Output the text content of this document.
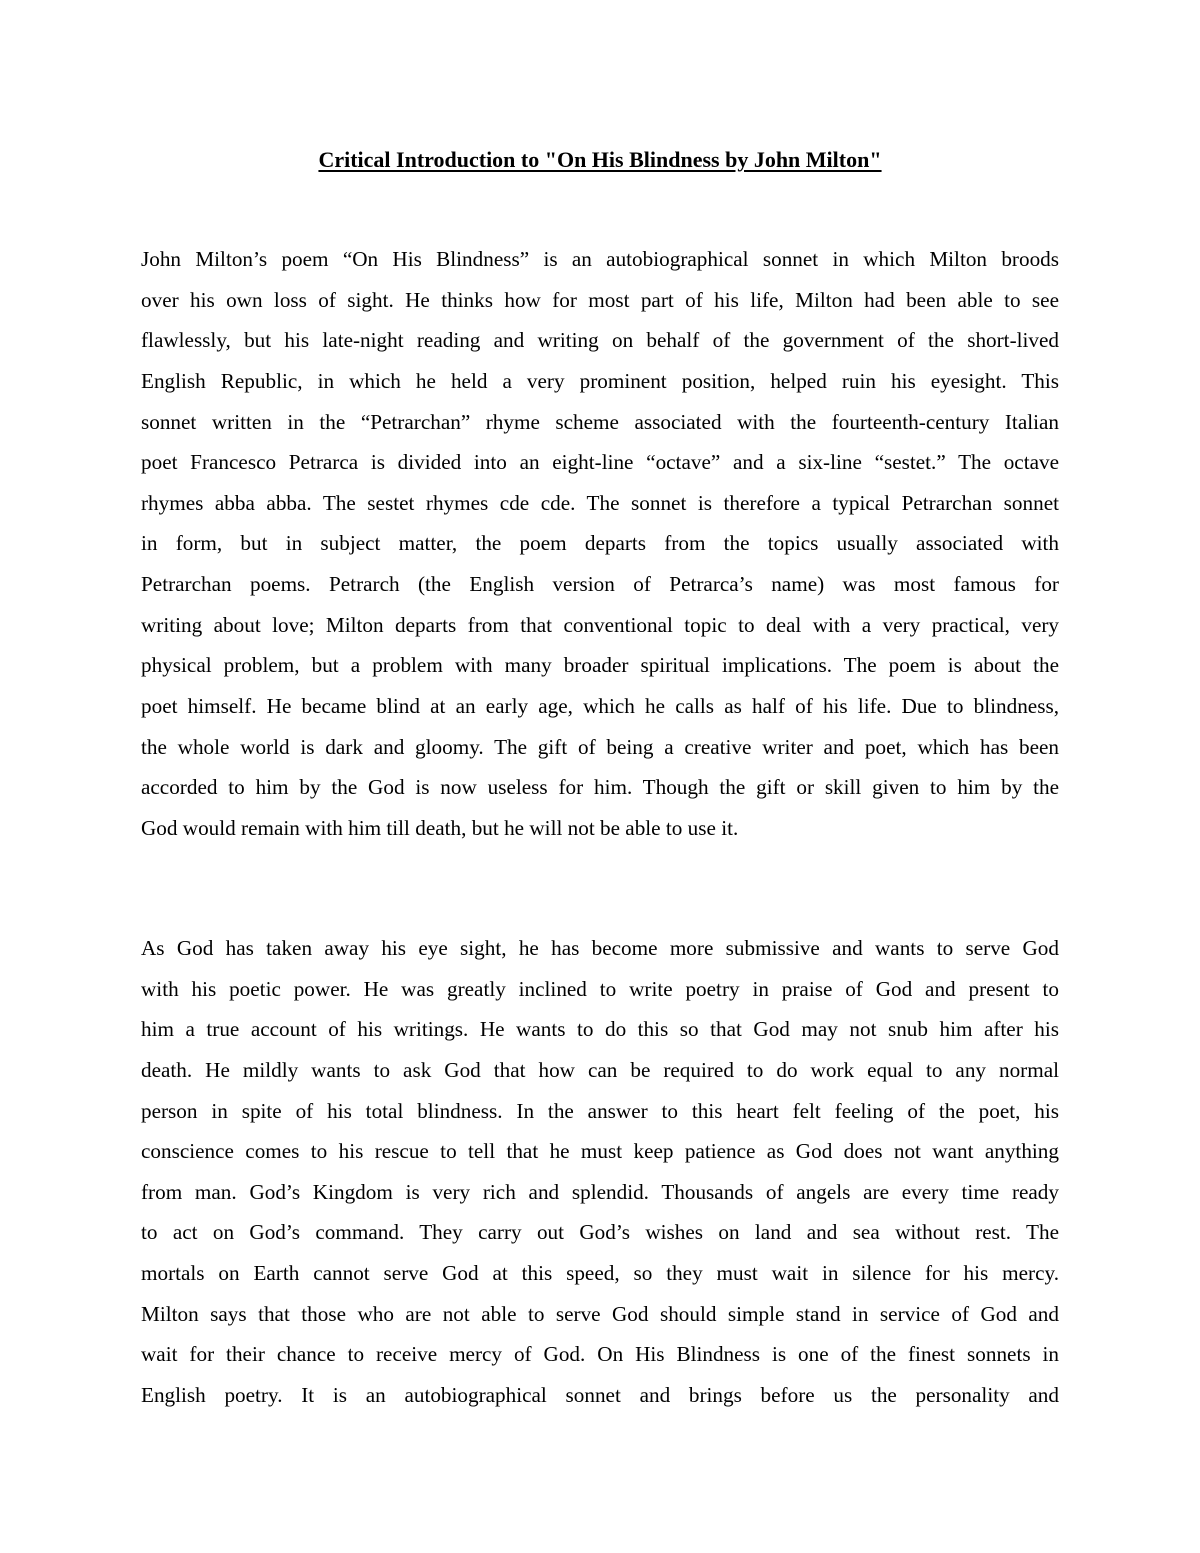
Critical Introduction to "On His Blindness by John Milton"
John Milton’s poem “On His Blindness” is an autobiographical sonnet in which Milton broods
over his own loss of sight. He thinks how for most part of his life, Milton had been able to see
flawlessly, but his late-night reading and writing on behalf of the government of the short-lived
English Republic, in which he held a very prominent position, helped ruin his eyesight. This
sonnet written in the “Petrarchan” rhyme scheme associated with the fourteenth-century Italian
poet Francesco Petrarca is divided into an eight-line “octave” and a six-line “sestet.” The octave
rhymes abba abba. The sestet rhymes cde cde. The sonnet is therefore a typical Petrarchan sonnet
in form, but in subject matter, the poem departs from the topics usually associated with
Petrarchan poems. Petrarch (the English version of Petrarca’s name) was most famous for
writing about love; Milton departs from that conventional topic to deal with a very practical, very
physical problem, but a problem with many broader spiritual implications. The poem is about the
poet himself. He became blind at an early age, which he calls as half of his life. Due to blindness,
the whole world is dark and gloomy. The gift of being a creative writer and poet, which has been
accorded to him by the God is now useless for him. Though the gift or skill given to him by the
God would remain with him till death, but he will not be able to use it.
As God has taken away his eye sight, he has become more submissive and wants to serve God
with his poetic power. He was greatly inclined to write poetry in praise of God and present to
him a true account of his writings. He wants to do this so that God may not snub him after his
death. He mildly wants to ask God that how can be required to do work equal to any normal
person in spite of his total blindness. In the answer to this heart felt feeling of the poet, his
conscience comes to his rescue to tell that he must keep patience as God does not want anything
from man. God’s Kingdom is very rich and splendid. Thousands of angels are every time ready
to act on God’s command. They carry out God’s wishes on land and sea without rest. The
mortals on Earth cannot serve God at this speed, so they must wait in silence for his mercy.
Milton says that those who are not able to serve God should simple stand in service of God and
wait for their chance to receive mercy of God. On His Blindness is one of the finest sonnets in
English poetry. It is an autobiographical sonnet and brings before us the personality and
